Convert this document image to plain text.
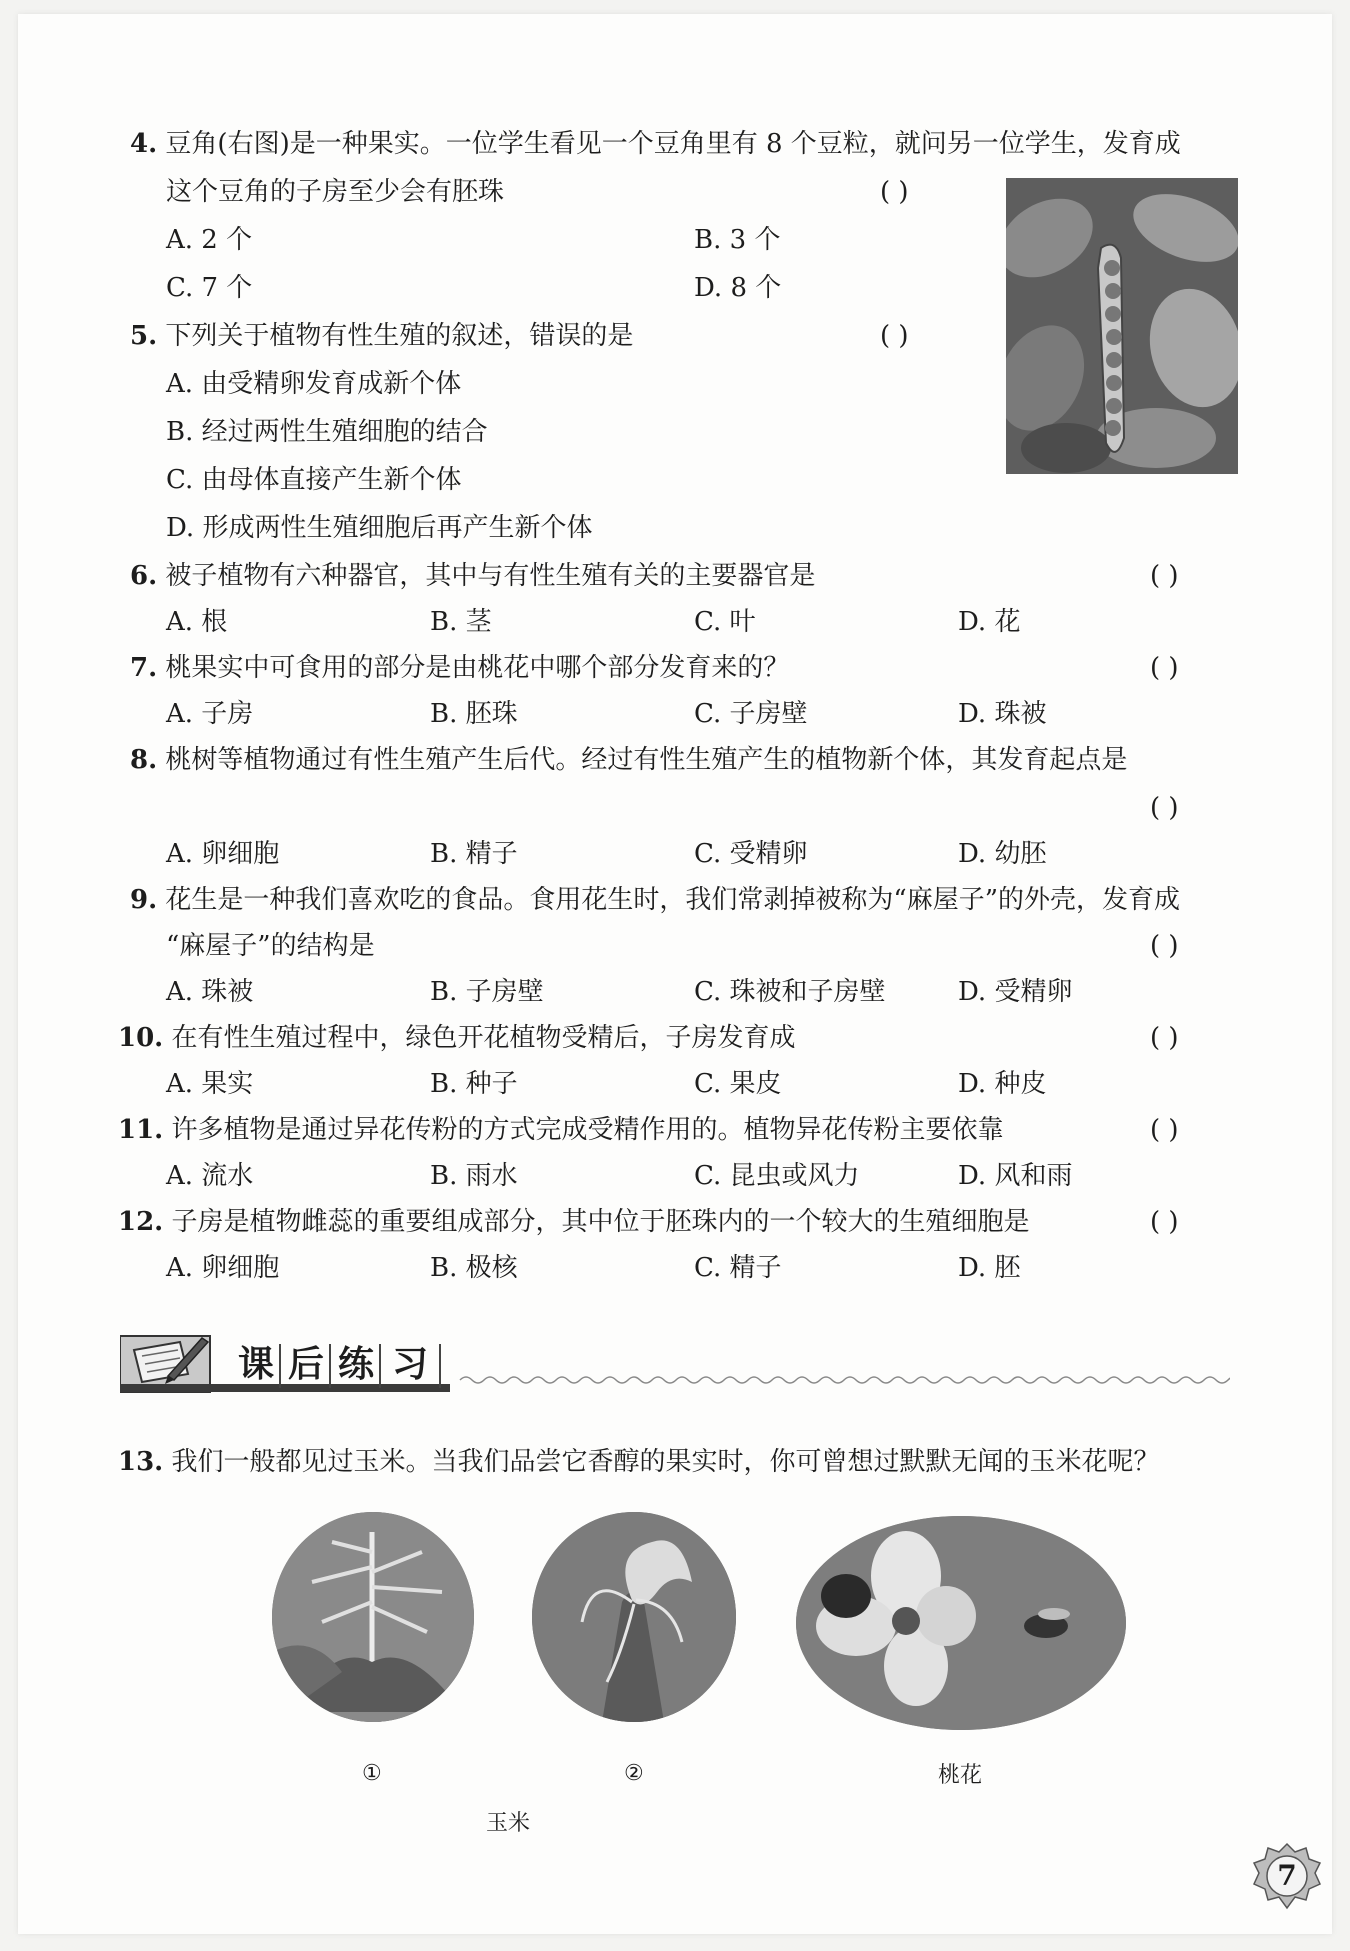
4. 豆角(右图)是一种果实。一位学生看见一个豆角里有 8 个豆粒，就问另一位学生，发育成
这个豆角的子房至少会有胚珠	( )
A. 2 个	B. 3 个
C. 7 个	D. 8 个
5. 下列关于植物有性生殖的叙述，错误的是	( )
A. 由受精卵发育成新个体
B. 经过两性生殖细胞的结合
C. 由母体直接产生新个体
D. 形成两性生殖细胞后再产生新个体
6. 被子植物有六种器官，其中与有性生殖有关的主要器官是	( )
A. 根	B. 茎	C. 叶	D. 花
7. 桃果实中可食用的部分是由桃花中哪个部分发育来的？	( )
A. 子房	B. 胚珠	C. 子房壁	D. 珠被
8. 桃树等植物通过有性生殖产生后代。经过有性生殖产生的植物新个体，其发育起点是
( )
A. 卵细胞	B. 精子	C. 受精卵	D. 幼胚
9. 花生是一种我们喜欢吃的食品。食用花生时，我们常剥掉被称为“麻屋子”的外壳，发育成
“麻屋子”的结构是	( )
A. 珠被	B. 子房壁	C. 珠被和子房壁	D. 受精卵
10. 在有性生殖过程中，绿色开花植物受精后，子房发育成	( )
A. 果实	B. 种子	C. 果皮	D. 种皮
11. 许多植物是通过异花传粉的方式完成受精作用的。植物异花传粉主要依靠	( )
A. 流水	B. 雨水	C. 昆虫或风力	D. 风和雨
12. 子房是植物雌蕊的重要组成部分，其中位于胚珠内的一个较大的生殖细胞是	( )
A. 卵细胞	B. 极核	C. 精子	D. 胚
课 后 练 习
13. 我们一般都见过玉米。当我们品尝它香醇的果实时，你可曾想过默默无闻的玉米花呢？
①	②	桃花
玉米
7
